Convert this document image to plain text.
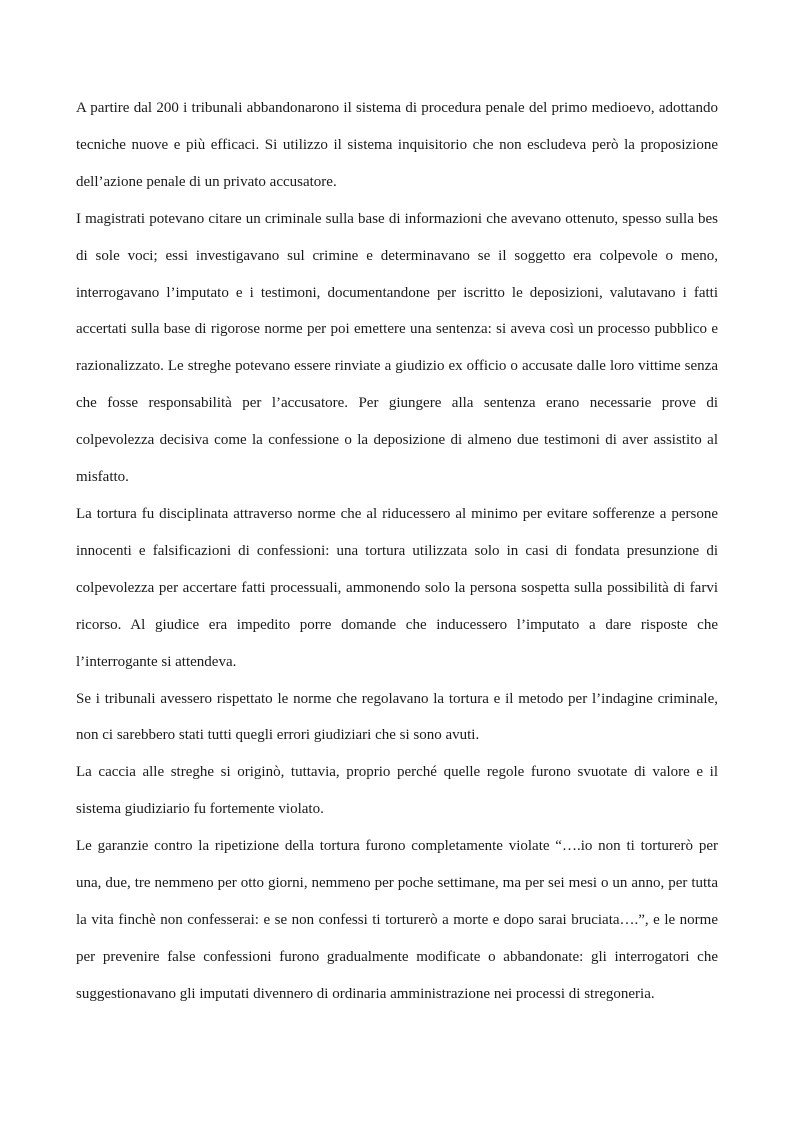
A partire dal 200 i tribunali abbandonarono il sistema di procedura penale del primo medioevo, adottando tecniche nuove e più efficaci. Si utilizzo il sistema inquisitorio che non escludeva però la proposizione dell’azione penale di un privato accusatore.

I magistrati potevano citare un criminale sulla base di informazioni che avevano ottenuto, spesso sulla bes di sole voci; essi investigavano sul crimine e determinavano se il soggetto era colpevole o meno, interrogavano l’imputato e i testimoni, documentandone per iscritto le deposizioni, valutavano i fatti accertati sulla base di rigorose norme per poi emettere una sentenza: si aveva così un processo pubblico e razionalizzato. Le streghe potevano essere rinviate a giudizio ex officio o accusate dalle loro vittime senza che fosse responsabilità per l’accusatore. Per giungere alla sentenza erano necessarie prove di colpevolezza decisiva come la confessione o la deposizione di almeno due testimoni di aver assistito al misfatto.

La tortura fu disciplinata attraverso norme che al riducessero al minimo per evitare sofferenze a persone innocenti e falsificazioni di confessioni: una tortura utilizzata solo in casi di fondata presunzione di colpevolezza per accertare fatti processuali, ammonendo solo la persona sospetta sulla possibilità di farvi ricorso. Al giudice era impedito porre domande che inducessero l’imputato a dare risposte che l’interrogante si attendeva.

Se i tribunali avessero rispettato le norme che regolavano la tortura e il metodo per l’indagine criminale, non ci sarebbero stati tutti quegli errori giudiziari che si sono avuti.

La caccia alle streghe si originò, tuttavia, proprio perché quelle regole furono svuotate di valore e il sistema giudiziario fu fortemente violato.

Le garanzie contro la ripetizione della tortura furono completamente violate “….io non ti torturerò per una, due, tre nemmeno per otto giorni, nemmeno per poche settimane, ma per sei mesi o un anno, per tutta la vita finchè non confesserai: e se non confessi ti torturerò a morte e dopo sarai bruciata….”, e le norme per prevenire false confessioni furono gradualmente modificate o abbandonate: gli interrogatori che suggestionavano gli imputati divennero di ordinaria amministrazione nei processi di stregoneria.
